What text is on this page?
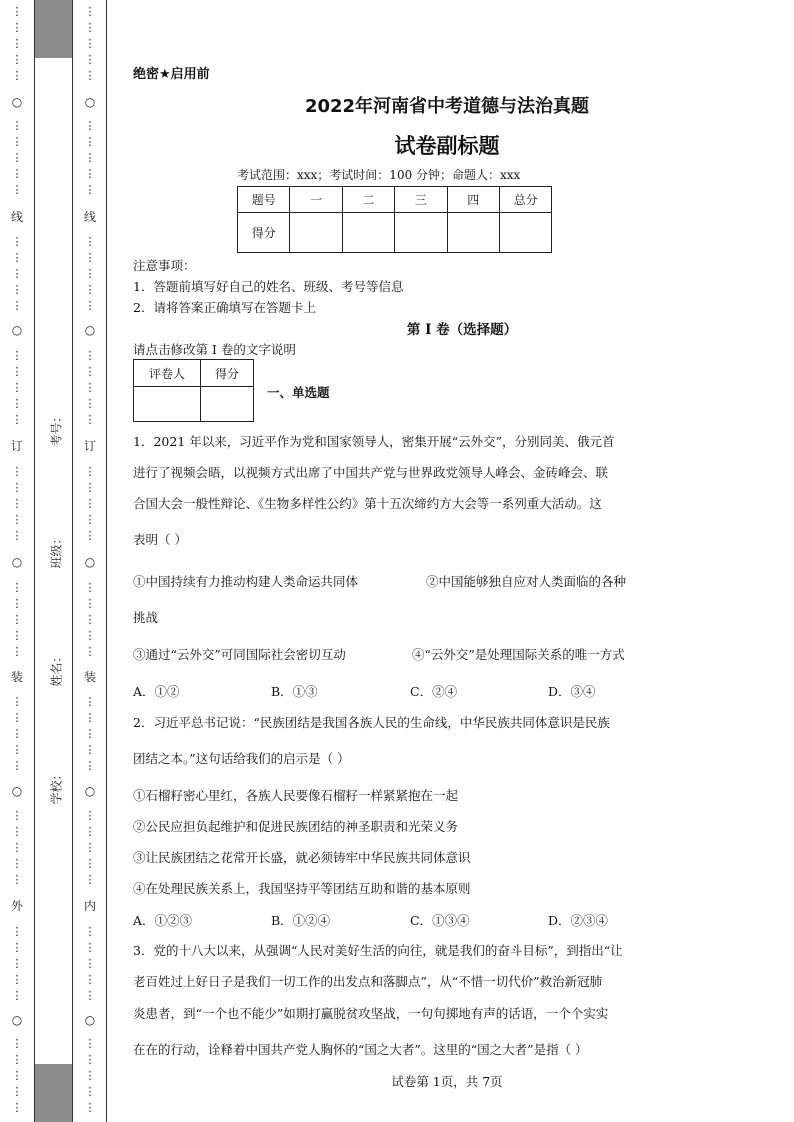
⋮
⋮
⋮
⋮
⋮
○
⋮
⋮
⋮
⋮
⋮
线
⋮
⋮
⋮
⋮
⋮
○
⋮
⋮
⋮
⋮
⋮
订
⋮
⋮
⋮
⋮
⋮
○
⋮
⋮
⋮
⋮
⋮
装
⋮
⋮
⋮
⋮
⋮
○
⋮
⋮
⋮
⋮
⋮
外
⋮
⋮
⋮
⋮
⋮
○
⋮
⋮
⋮
⋮
⋮
⋮
⋮
⋮
⋮
⋮
○
⋮
⋮
⋮
⋮
⋮
线
⋮
⋮
⋮
⋮
⋮
○
⋮
⋮
⋮
⋮
⋮
订
⋮
⋮
⋮
⋮
⋮
○
⋮
⋮
⋮
⋮
⋮
装
⋮
⋮
⋮
⋮
⋮
○
⋮
⋮
⋮
⋮
⋮
内
⋮
⋮
⋮
⋮
⋮
○
⋮
⋮
⋮
⋮
⋮
考号：
班级：
姓名：
学校：
绝密★启用前
2022年河南省中考道德与法治真题
试卷副标题
考试范围：xxx；考试时间：100 分钟；命题人：xxx
题号	一	二	三	四	总分
得分					
注意事项：
1．答题前填写好自己的姓名、班级、考号等信息
2．请将答案正确填写在答题卡上
第 I 卷（选择题）
请点击修改第 I 卷的文字说明
评卷人	得分

一、单选题
1．2021 年以来，习近平作为党和国家领导人，密集开展“云外交”，分别同美、俄元首
进行了视频会晤，以视频方式出席了中国共产党与世界政党领导人峰会、金砖峰会、联
合国大会一般性辩论、《生物多样性公约》第十五次缔约方大会等一系列重大活动。这
表明（ ）
①中国持续有力推动构建人类命运共同体	②中国能够独自应对人类面临的各种
挑战
③通过“云外交”可同国际社会密切互动	④“云外交”是处理国际关系的唯一方式
A．①②	B．①③	C．②④	D．③④
2．习近平总书记说：“民族团结是我国各族人民的生命线，中华民族共同体意识是民族
团结之本。”这句话给我们的启示是（ ）
①石榴籽密心里红，各族人民要像石榴籽一样紧紧抱在一起
②公民应担负起维护和促进民族团结的神圣职责和光荣义务
③让民族团结之花常开长盛，就必须铸牢中华民族共同体意识
④在处理民族关系上，我国坚持平等团结互助和谐的基本原则
A．①②③	B．①②④	C．①③④	D．②③④
3．党的十八大以来，从强调“人民对美好生活的向往，就是我们的奋斗目标”，到指出“让
老百姓过上好日子是我们一切工作的出发点和落脚点”，从“不惜一切代价”救治新冠肺
炎患者，到“一个也不能少”如期打赢脱贫攻坚战，一句句掷地有声的话语，一个个实实
在在的行动，诠释着中国共产党人胸怀的“国之大者”。这里的“国之大者”是指（ ）
试卷第 1页，共 7页
